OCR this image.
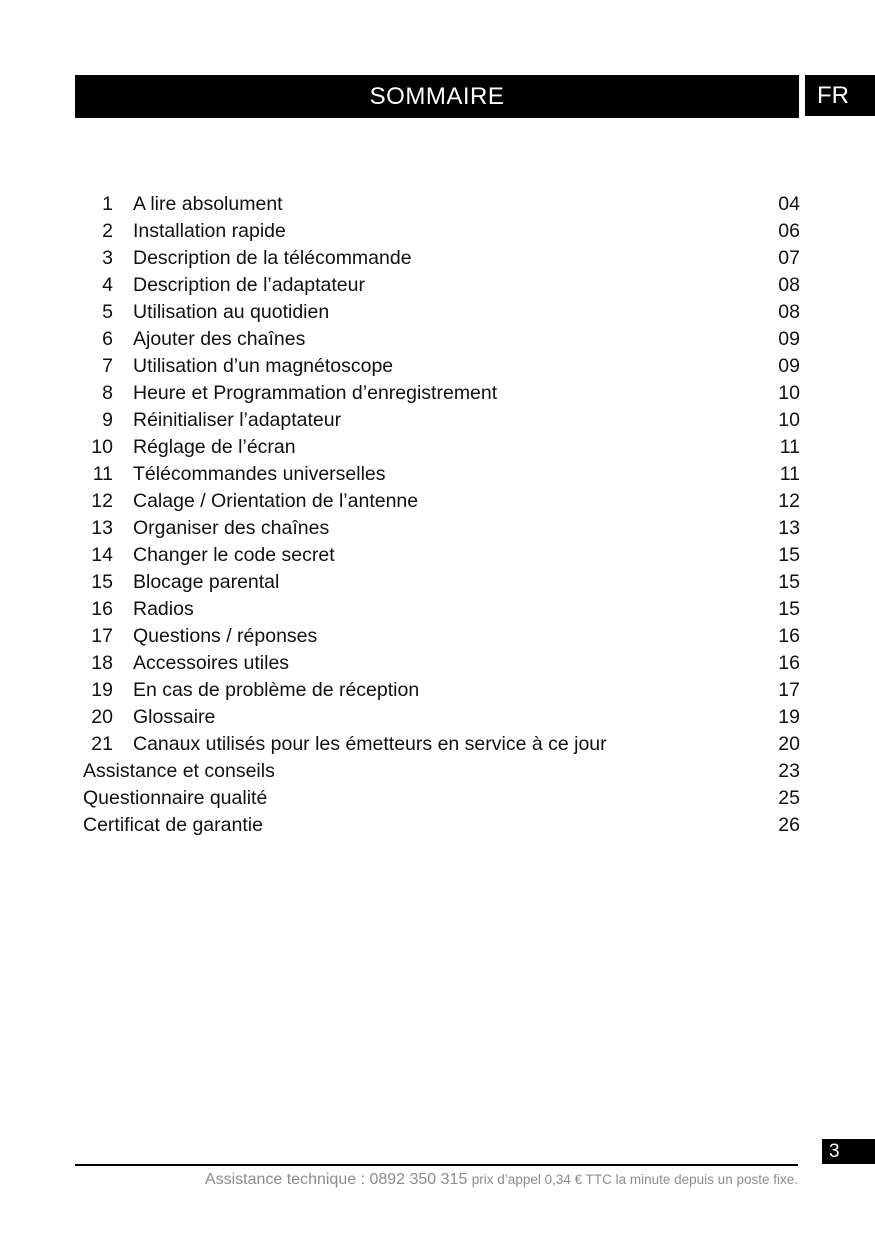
SOMMAIRE	FR
1 A lire absolument	04
2 Installation rapide	06
3 Description de la télécommande	07
4 Description de l’adaptateur	08
5 Utilisation au quotidien	08
6 Ajouter des chaînes	09
7 Utilisation d’un magnétoscope	09
8 Heure et Programmation d’enregistrement	10
9 Réinitialiser l’adaptateur	10
10 Réglage de l’écran	11
11 Télécommandes universelles	11
12 Calage / Orientation de l’antenne	12
13 Organiser des chaînes	13
14 Changer le code secret	15
15 Blocage parental	15
16 Radios	15
17 Questions / réponses	16
18 Accessoires utiles	16
19 En cas de problème de réception	17
20 Glossaire	19
21 Canaux utilisés pour les émetteurs en service à ce jour	20
Assistance et conseils	23
Questionnaire qualité	25
Certificat de garantie	26
3
Assistance technique : 0892 350 315 prix d’appel 0,34 € TTC la minute depuis un poste fixe.
